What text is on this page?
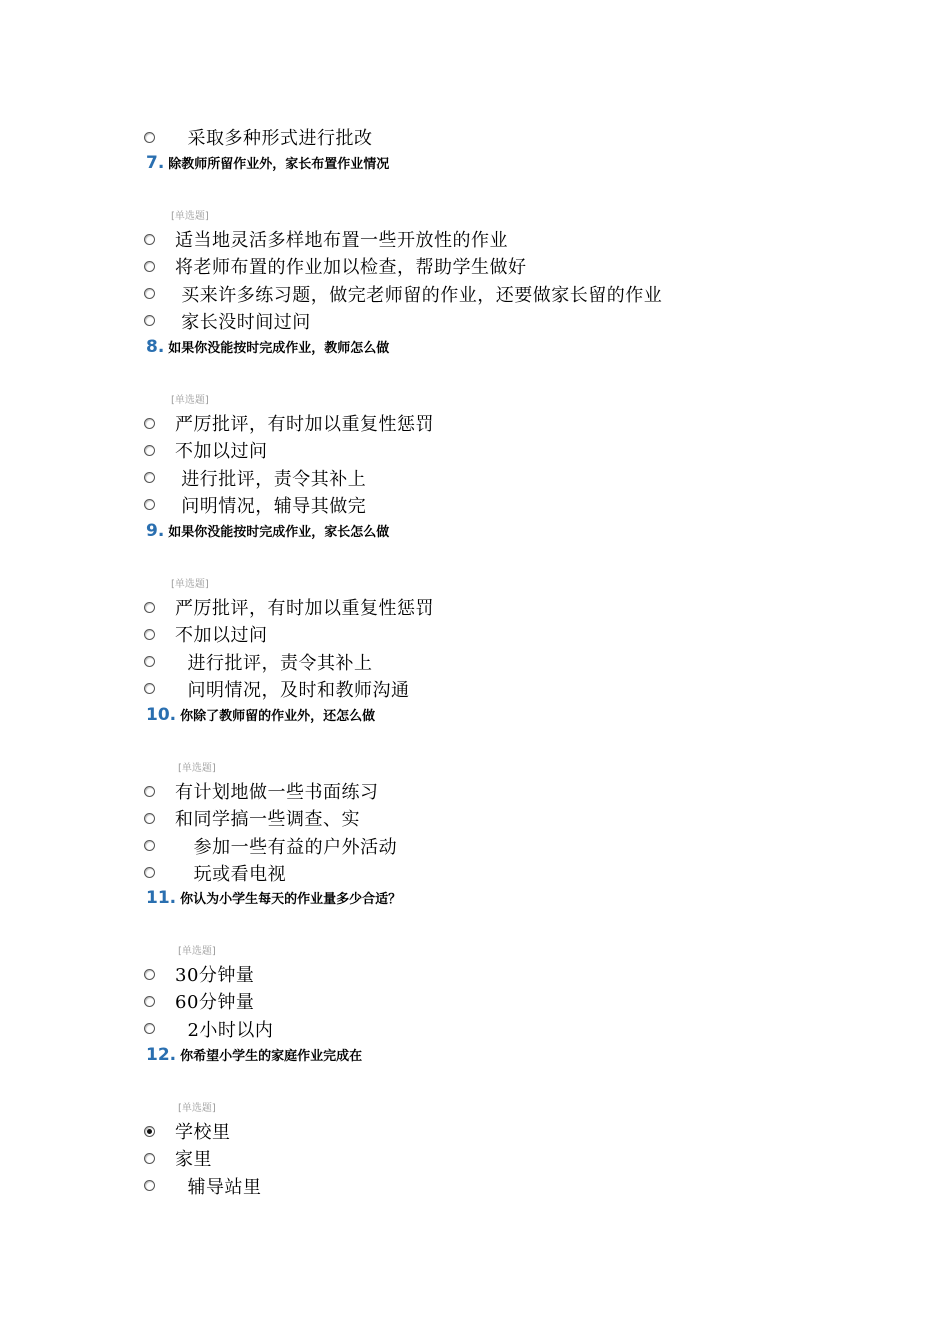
采取多种形式进行批改
7. 除教师所留作业外，家长布置作业情况
[单选题]
适当地灵活多样地布置一些开放性的作业
将老师布置的作业加以检查，帮助学生做好
买来许多练习题，做完老师留的作业，还要做家长留的作业
家长没时间过问
8. 如果你没能按时完成作业，教师怎么做
[单选题]
严厉批评，有时加以重复性惩罚
不加以过问
进行批评，责令其补上
问明情况，辅导其做完
9. 如果你没能按时完成作业，家长怎么做
[单选题]
严厉批评，有时加以重复性惩罚
不加以过问
进行批评，责令其补上
问明情况，及时和教师沟通
10. 你除了教师留的作业外，还怎么做
[单选题]
有计划地做一些书面练习
和同学搞一些调查、实
参加一些有益的户外活动
玩或看电视
11. 你认为小学生每天的作业量多少合适？
[单选题]
30分钟量
60分钟量
2小时以内
12. 你希望小学生的家庭作业完成在
[单选题]
学校里
家里
辅导站里
